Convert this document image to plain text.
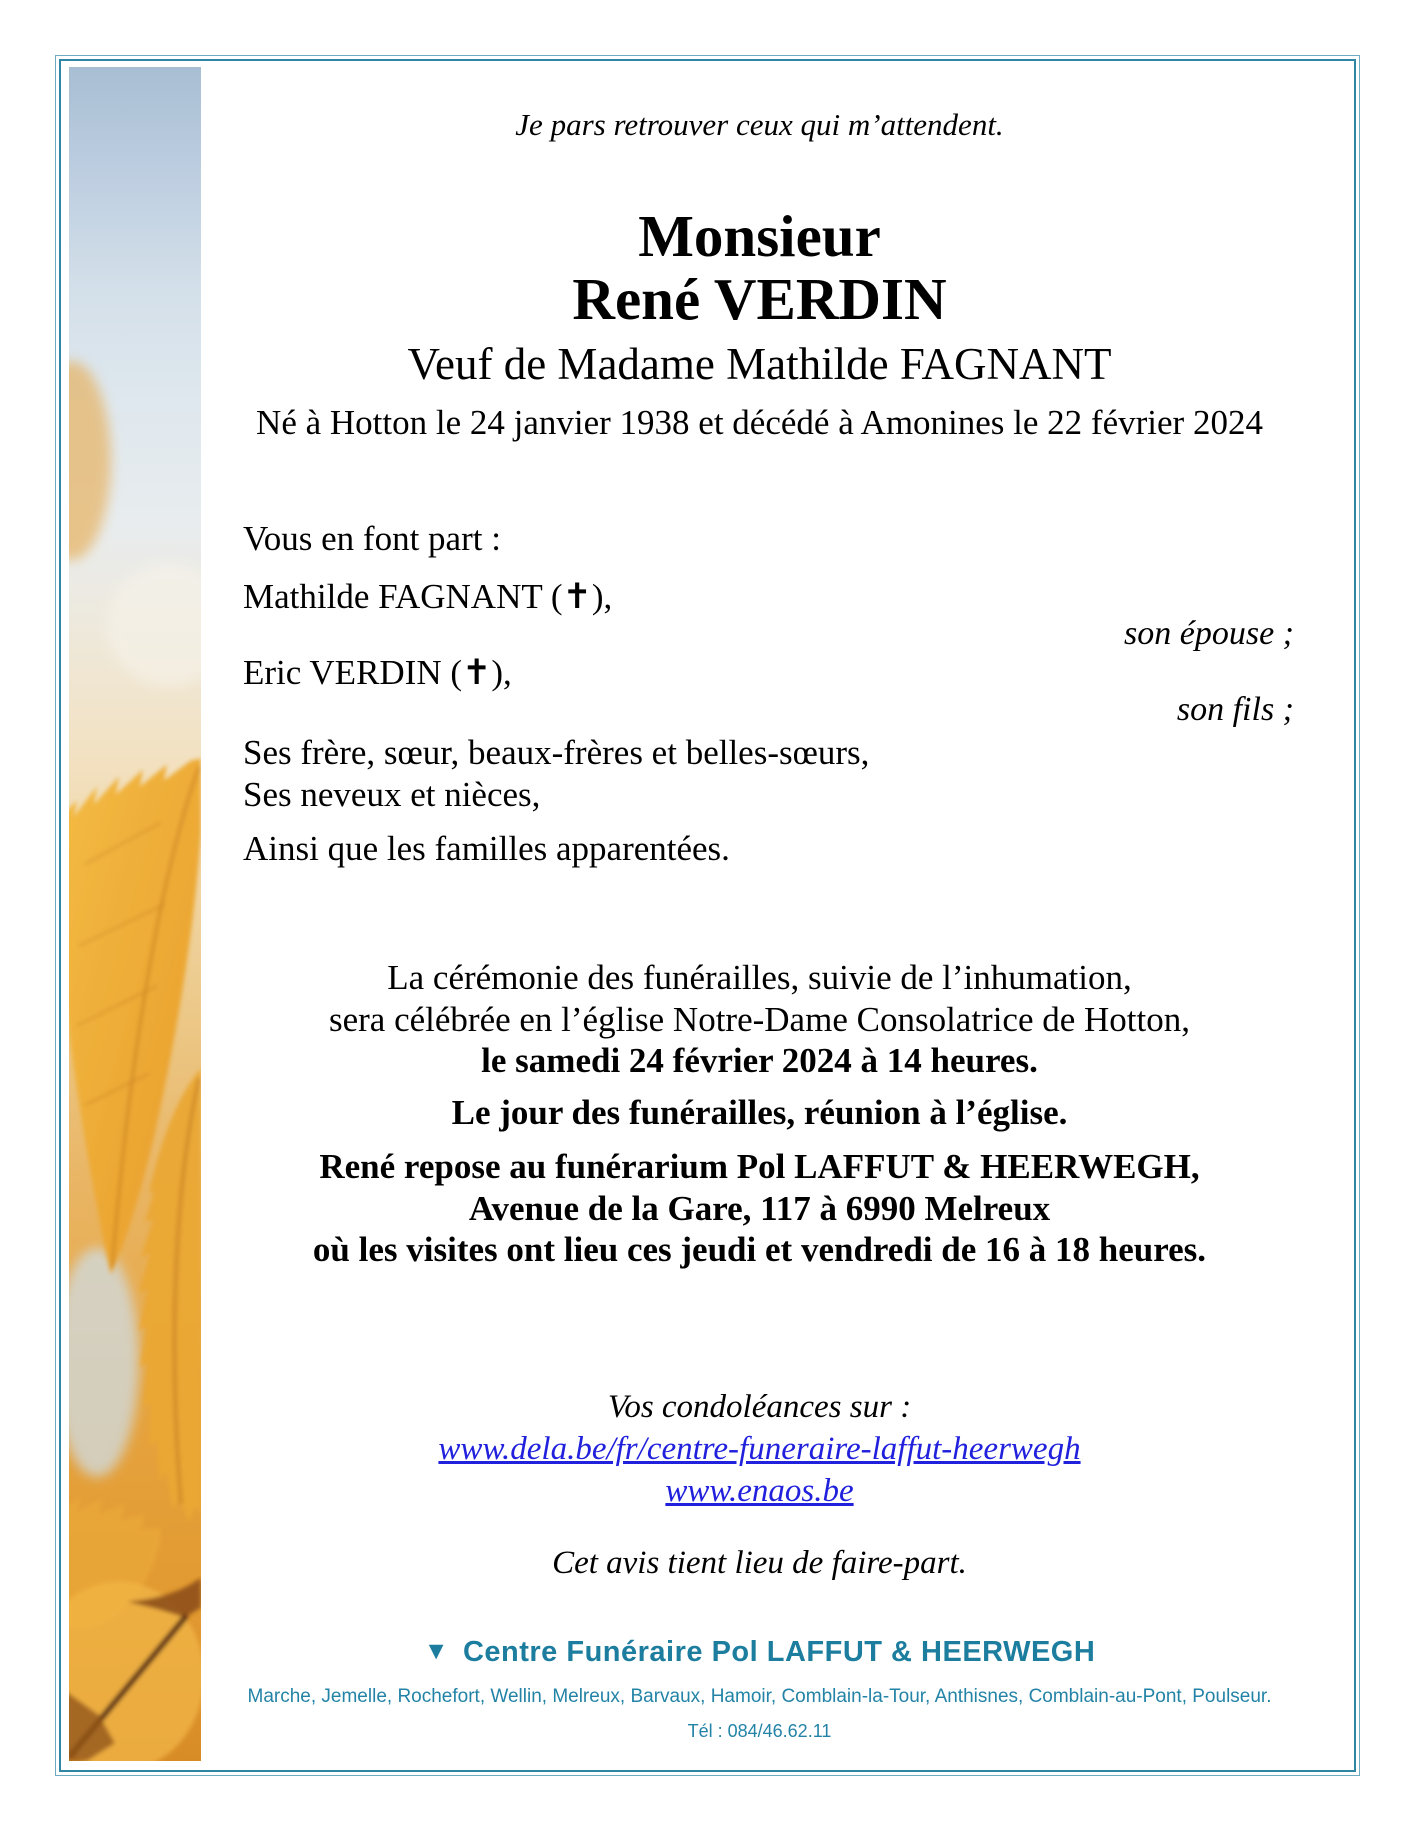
Je pars retrouver ceux qui m’attendent.
Monsieur
René VERDIN
Veuf de Madame Mathilde FAGNANT
Né à Hotton le 24 janvier 1938 et décédé à Amonines le 22 février 2024
Vous en font part :
Mathilde FAGNANT (✝),
son épouse ;
Eric VERDIN (✝),
son fils ;
Ses frère, sœur, beaux-frères et belles-sœurs,
Ses neveux et nièces,
Ainsi que les familles apparentées.
La cérémonie des funérailles, suivie de l’inhumation,
sera célébrée en l’église Notre-Dame Consolatrice de Hotton,
le samedi 24 février 2024 à 14 heures.
Le jour des funérailles, réunion à l’église.
René repose au funérarium Pol LAFFUT & HEERWEGH,
Avenue de la Gare, 117 à 6990 Melreux
où les visites ont lieu ces jeudi et vendredi de 16 à 18 heures.
Vos condoléances sur :
www.dela.be/fr/centre-funeraire-laffut-heerwegh
www.enaos.be
Cet avis tient lieu de faire-part.
▼ Centre Funéraire Pol LAFFUT & HEERWEGH
Marche, Jemelle, Rochefort, Wellin, Melreux, Barvaux, Hamoir, Comblain-la-Tour, Anthisnes, Comblain-au-Pont, Poulseur.
Tél : 084/46.62.11
